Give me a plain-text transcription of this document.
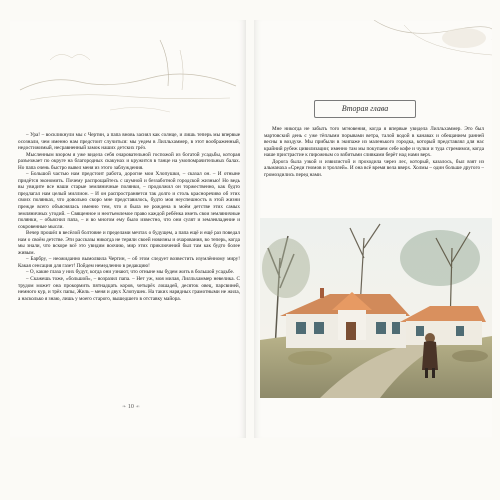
– Ура! – воскликнули мы с Чертин, а папа вновь засиял как солнце, и лишь теперь мы впервые осознали, чем именно нам предстоит случиться: мы уедем в Лилльхаммер, в этот воображенный, недостижимый, несравненный замок наших детских грёз.

Мысленным взором я уже видела себя очаровательной госпожой из богатой усадьбы, которая разъезжает по округе на благородных скакунах и кружится в танце на умопомрачительных балах. Но папа очень быстро вывел меня из этого заблуждения.

– Большой частью нам предстоит работа, дорогие мои Хлопушки, – сказал он. – И отныне придётся экономить. Почему распрощайтесь с шумной и беззаботной городской жизнью! Но ведь вы увидите все наши старые земляничные полянки, – продолжил он торжественно, как будто предлагал нам целый миллион. – И он распространяется так долго и столь красноречиво об этих своих полянках, что довольно скоро мне представилось, будто моя неуспешность в этой жизни прежде всего объяснялась именно тем, что я была не рождена в моём детстве этих самых земляничных угодий. – Священное и неотъемлемое право каждой ребёнка иметь свои земляничные полянки, – объяснил папа, – и во многом ему было известно, что они сулят и землевладение и сокровенные мысли.

Вечер прошёл в весёлой болтовне и пределами мечтах о будущем, а папа ещё и ещё раз поведал нам о своём детстве. Эти рассказы никогда не теряли своей новизны и очарования, во теперь, когда мы знали, что вскоре всё это увидим воочию, мир этих приключений был там как будто более живым.

– Барбру, – неожиданно вымолвила Чертин, – об этом следует возвестить изумлённому миру! Какая сенсация для газет! Пойдем немедленно в редакцию!

– О, какие глаза у них будут, когда они узнают, что отныне мы будем жить в большой усадьбе.

– Скажешь тоже, «большой», – возразил папа. – Нет уж, моя милая, Лилльхаммер невелика. С трудом может она прокормить пятнадцать коров, четырёх лошадей, десяток овец, парсвиней, немного кур, и трёх папы, Жиль – меня и двух Хлопушек. На таких нарядных грамотными не жила, а насколько я знаю, лишь у моего старого, вышедшего в отставку майора.

❧ 10 ☙
Вторая глава

Мне никогда не забыть того мгновения, когда я впервые увидела Лилльхаммер. Это был мартовский день с уже тёплыми порывами ветра, талой водой в канавах и обещанием ранней весны в воздухе. Мы прибыли в экипаже из маленького городка, который представлял для нас крайний рубеж цивилизации; именно там мы покупаем себе кофе и чулки и туда стремимся, когда наше пристрастие к пирожным со взбитыми сливками берёт над нами верх.

Дорога была узкой и извилистой и проходила через лес, который, казалось, был взят из альманаха «Среди гномов и троллей». И она всё время вела вверх. Холмы – один больше другого – громоздились перед нами.
